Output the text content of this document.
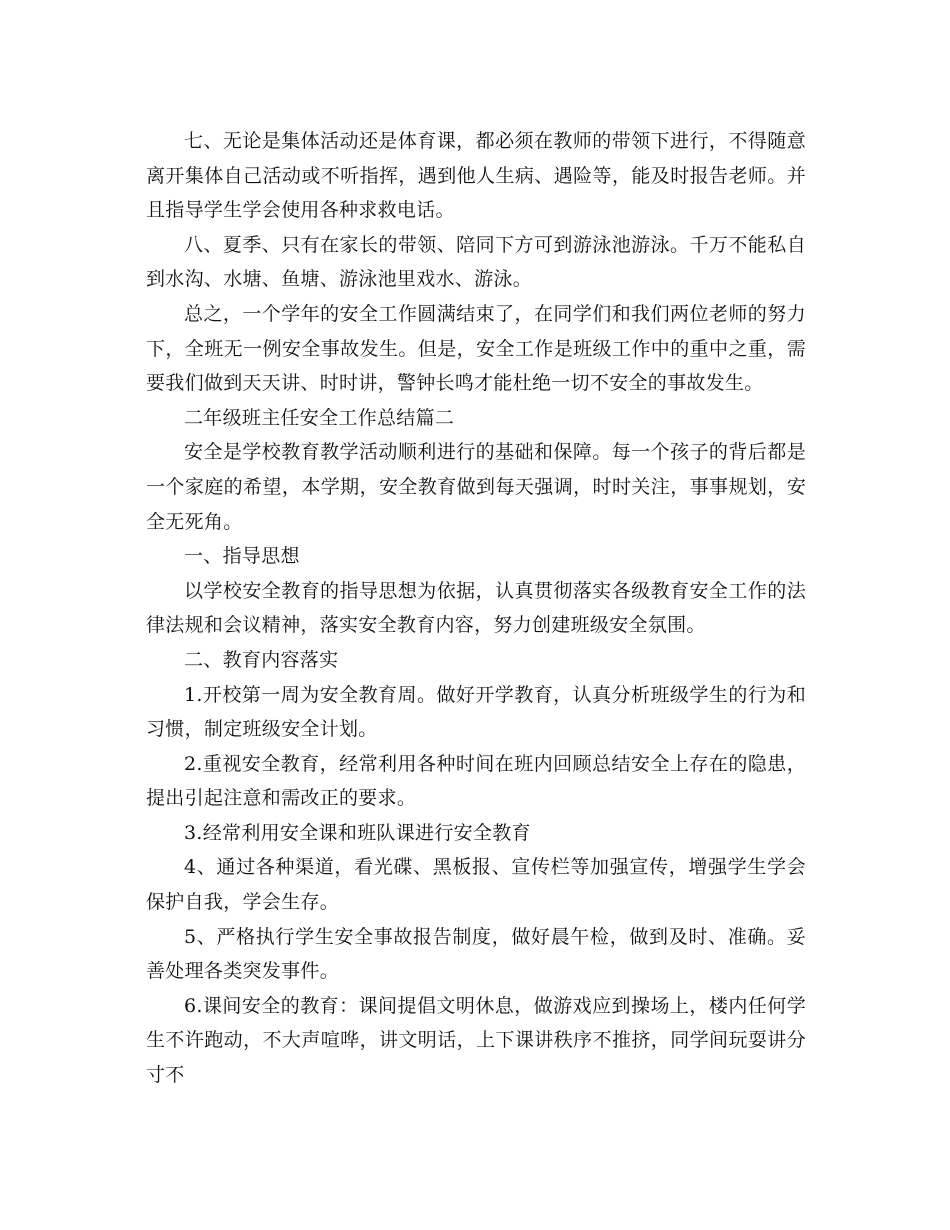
七、无论是集体活动还是体育课，都必须在教师的带领下进行，不得随意离开集体自己活动或不听指挥，遇到他人生病、遇险等，能及时报告老师。并且指导学生学会使用各种求救电话。

八、夏季、只有在家长的带领、陪同下方可到游泳池游泳。千万不能私自到水沟、水塘、鱼塘、游泳池里戏水、游泳。

总之，一个学年的安全工作圆满结束了，在同学们和我们两位老师的努力下，全班无一例安全事故发生。但是，安全工作是班级工作中的重中之重，需要我们做到天天讲、时时讲，警钟长鸣才能杜绝一切不安全的事故发生。

二年级班主任安全工作总结篇二

安全是学校教育教学活动顺利进行的基础和保障。每一个孩子的背后都是一个家庭的希望，本学期，安全教育做到每天强调，时时关注，事事规划，安全无死角。

一、指导思想

以学校安全教育的指导思想为依据，认真贯彻落实各级教育安全工作的法律法规和会议精神，落实安全教育内容，努力创建班级安全氛围。

二、教育内容落实

1.开校第一周为安全教育周。做好开学教育，认真分析班级学生的行为和习惯，制定班级安全计划。

2.重视安全教育，经常利用各种时间在班内回顾总结安全上存在的隐患，提出引起注意和需改正的要求。

3.经常利用安全课和班队课进行安全教育

4、通过各种渠道，看光碟、黑板报、宣传栏等加强宣传，增强学生学会保护自我，学会生存。

5、严格执行学生安全事故报告制度，做好晨午检，做到及时、准确。妥善处理各类突发事件。

6.课间安全的教育：课间提倡文明休息，做游戏应到操场上，楼内任何学生不许跑动，不大声喧哗，讲文明话，上下课讲秩序不推挤，同学间玩耍讲分寸不
